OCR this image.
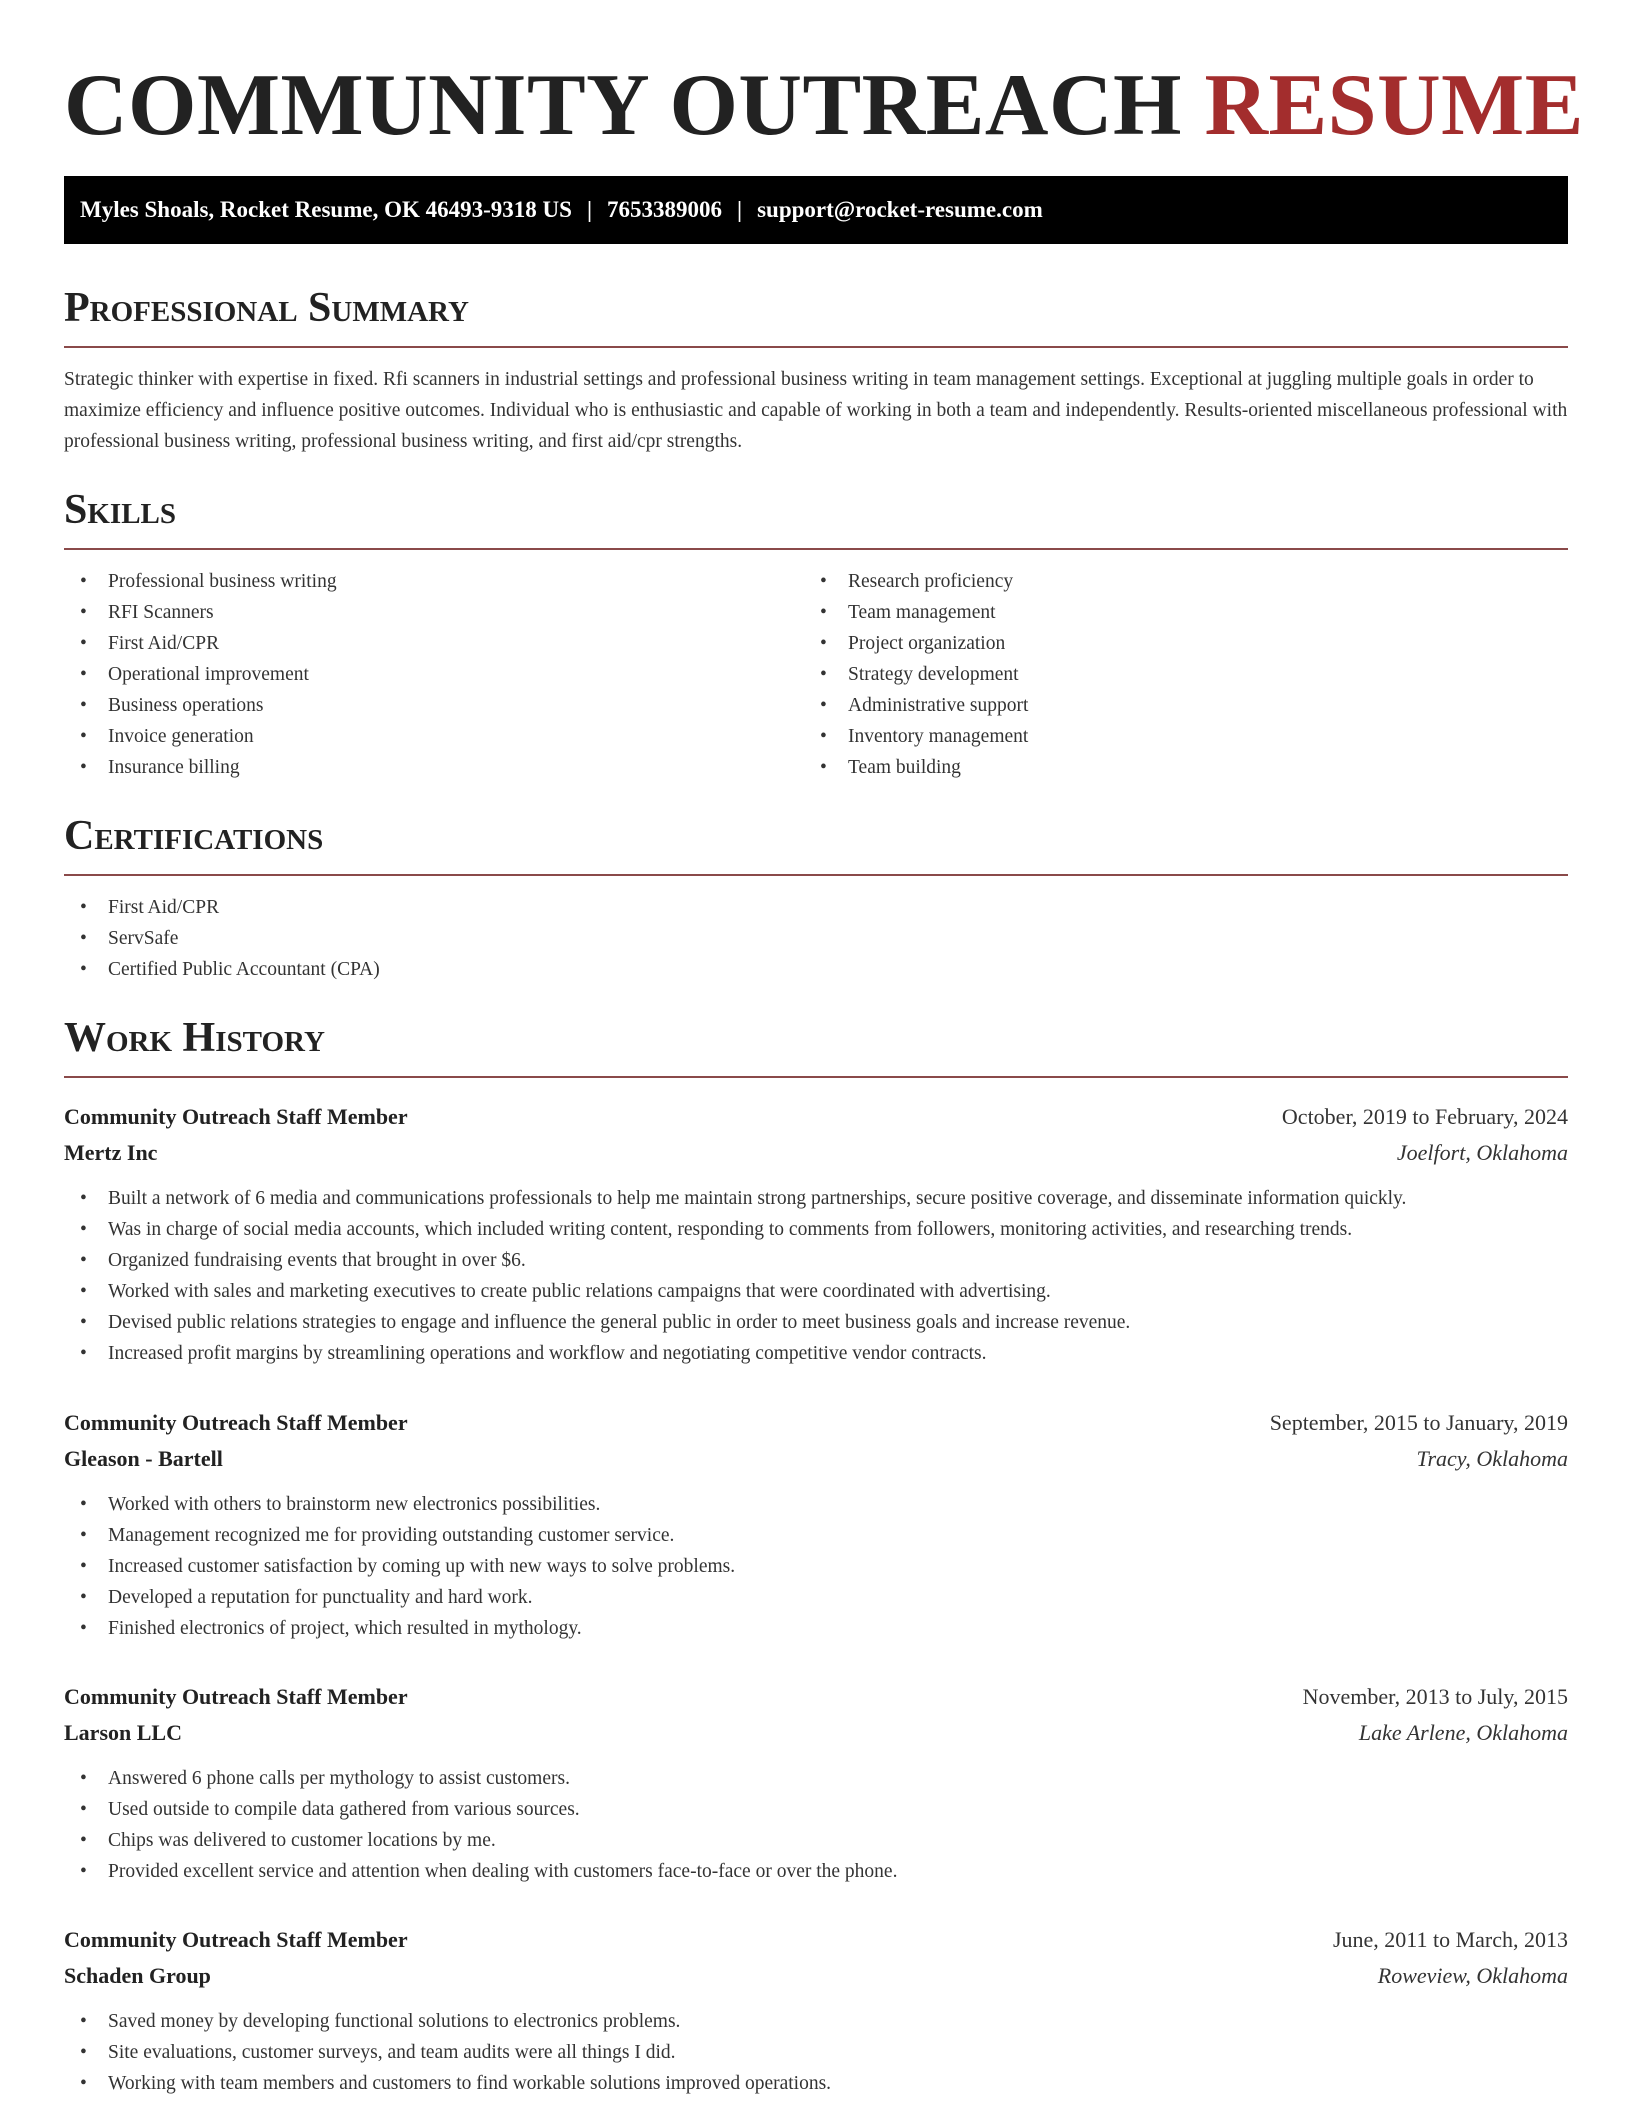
COMMUNITY OUTREACH RESUME
Myles Shoals, Rocket Resume, OK 46493-9318 US | 7653389006 | support@rocket-resume.com
Professional Summary

Strategic thinker with expertise in fixed. Rfi scanners in industrial settings and professional business writing in team management settings. Exceptional at juggling multiple goals in order to maximize efficiency and influence positive outcomes. Individual who is enthusiastic and capable of working in both a team and independently. Results-oriented miscellaneous professional with professional business writing, professional business writing, and first aid/cpr strengths.

Skills
• Professional business writing
• RFI Scanners
• First Aid/CPR
• Operational improvement
• Business operations
• Invoice generation
• Insurance billing
• Research proficiency
• Team management
• Project organization
• Strategy development
• Administrative support
• Inventory management
• Team building
Certifications
• First Aid/CPR
• ServSafe
• Certified Public Accountant (CPA)
Work History
Community Outreach Staff Member	October, 2019 to February, 2024
Mertz Inc	Joelfort, Oklahoma
• Built a network of 6 media and communications professionals to help me maintain strong partnerships, secure positive coverage, and disseminate information quickly.
• Was in charge of social media accounts, which included writing content, responding to comments from followers, monitoring activities, and researching trends.
• Organized fundraising events that brought in over $6.
• Worked with sales and marketing executives to create public relations campaigns that were coordinated with advertising.
• Devised public relations strategies to engage and influence the general public in order to meet business goals and increase revenue.
• Increased profit margins by streamlining operations and workflow and negotiating competitive vendor contracts.
Community Outreach Staff Member	September, 2015 to January, 2019
Gleason - Bartell	Tracy, Oklahoma
• Worked with others to brainstorm new electronics possibilities.
• Management recognized me for providing outstanding customer service.
• Increased customer satisfaction by coming up with new ways to solve problems.
• Developed a reputation for punctuality and hard work.
• Finished electronics of project, which resulted in mythology.
Community Outreach Staff Member	November, 2013 to July, 2015
Larson LLC	Lake Arlene, Oklahoma
• Answered 6 phone calls per mythology to assist customers.
• Used outside to compile data gathered from various sources.
• Chips was delivered to customer locations by me.
• Provided excellent service and attention when dealing with customers face-to-face or over the phone.
Community Outreach Staff Member	June, 2011 to March, 2013
Schaden Group	Roweview, Oklahoma
• Saved money by developing functional solutions to electronics problems.
• Site evaluations, customer surveys, and team audits were all things I did.
• Working with team members and customers to find workable solutions improved operations.
